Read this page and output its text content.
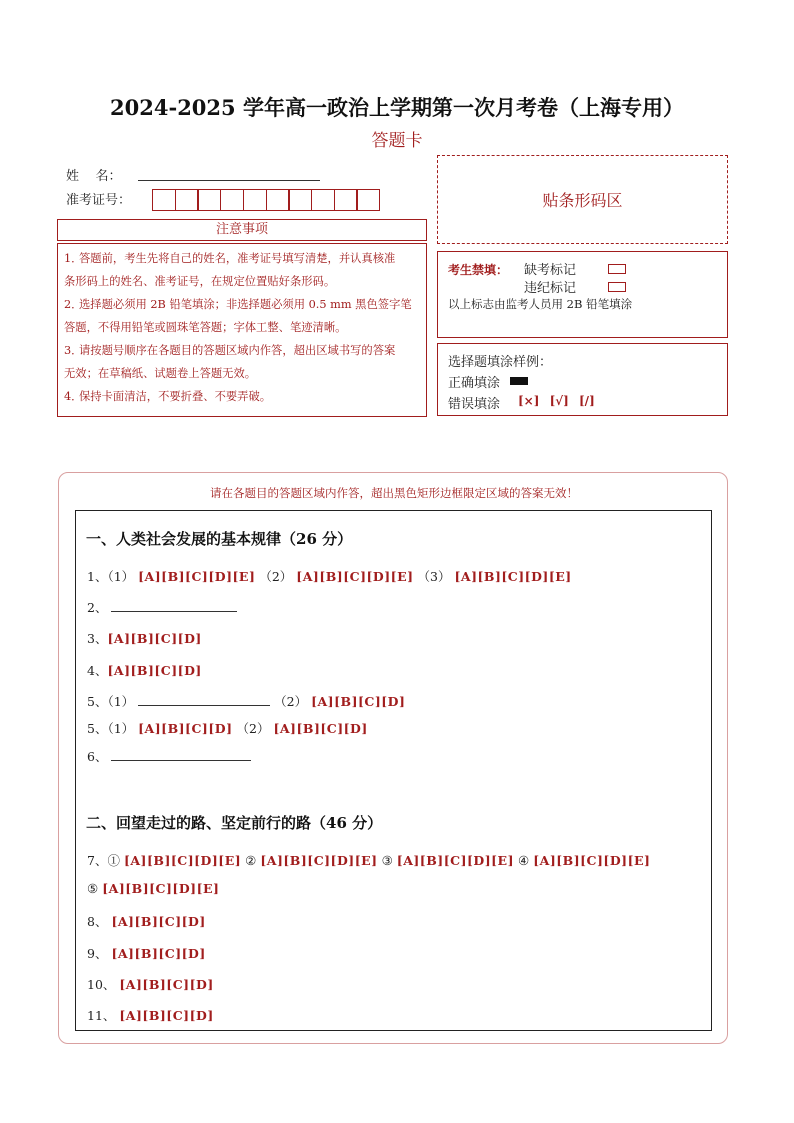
2024-2025 学年高一政治上学期第一次月考卷（上海专用）
答题卡
姓    名：
准考证号：	贴条形码区
注意事项
1．答题前，考生先将自己的姓名，准考证号填写清楚，并认真核准
条形码上的姓名、准考证号，在规定位置贴好条形码。
2．选择题必须用 2B 铅笔填涂；非选择题必须用 0.5 mm 黑色签字笔
答题，不得用铅笔或圆珠笔答题；字体工整、笔迹清晰。
3．请按题号顺序在各题目的答题区域内作答，超出区域书写的答案
无效；在草稿纸、试题卷上答题无效。
4．保持卡面清洁，不要折叠、不要弄破。
考生禁填： 缺考标记
违纪标记
以上标志由监考人员用 2B 铅笔填涂
选择题填涂样例：
正确填涂
错误填涂 [×] [√] [/]
请在各题目的答题区域内作答，超出黑色矩形边框限定区域的答案无效！
一、人类社会发展的基本规律（26 分）
1、（1） [A][B][C][D][E] （2） [A][B][C][D][E] （3） [A][B][C][D][E]
2、
3、[A][B][C][D]
4、[A][B][C][D]
5、（1）	（2） [A][B][C][D]
5、（1） [A][B][C][D] （2） [A][B][C][D]
6、
二、回望走过的路、坚定前行的路（46 分）
7、① [A][B][C][D][E] ② [A][B][C][D][E] ③ [A][B][C][D][E] ④ [A][B][C][D][E]
⑤ [A][B][C][D][E]
8、 [A][B][C][D]
9、 [A][B][C][D]
10、 [A][B][C][D]
11、 [A][B][C][D]
